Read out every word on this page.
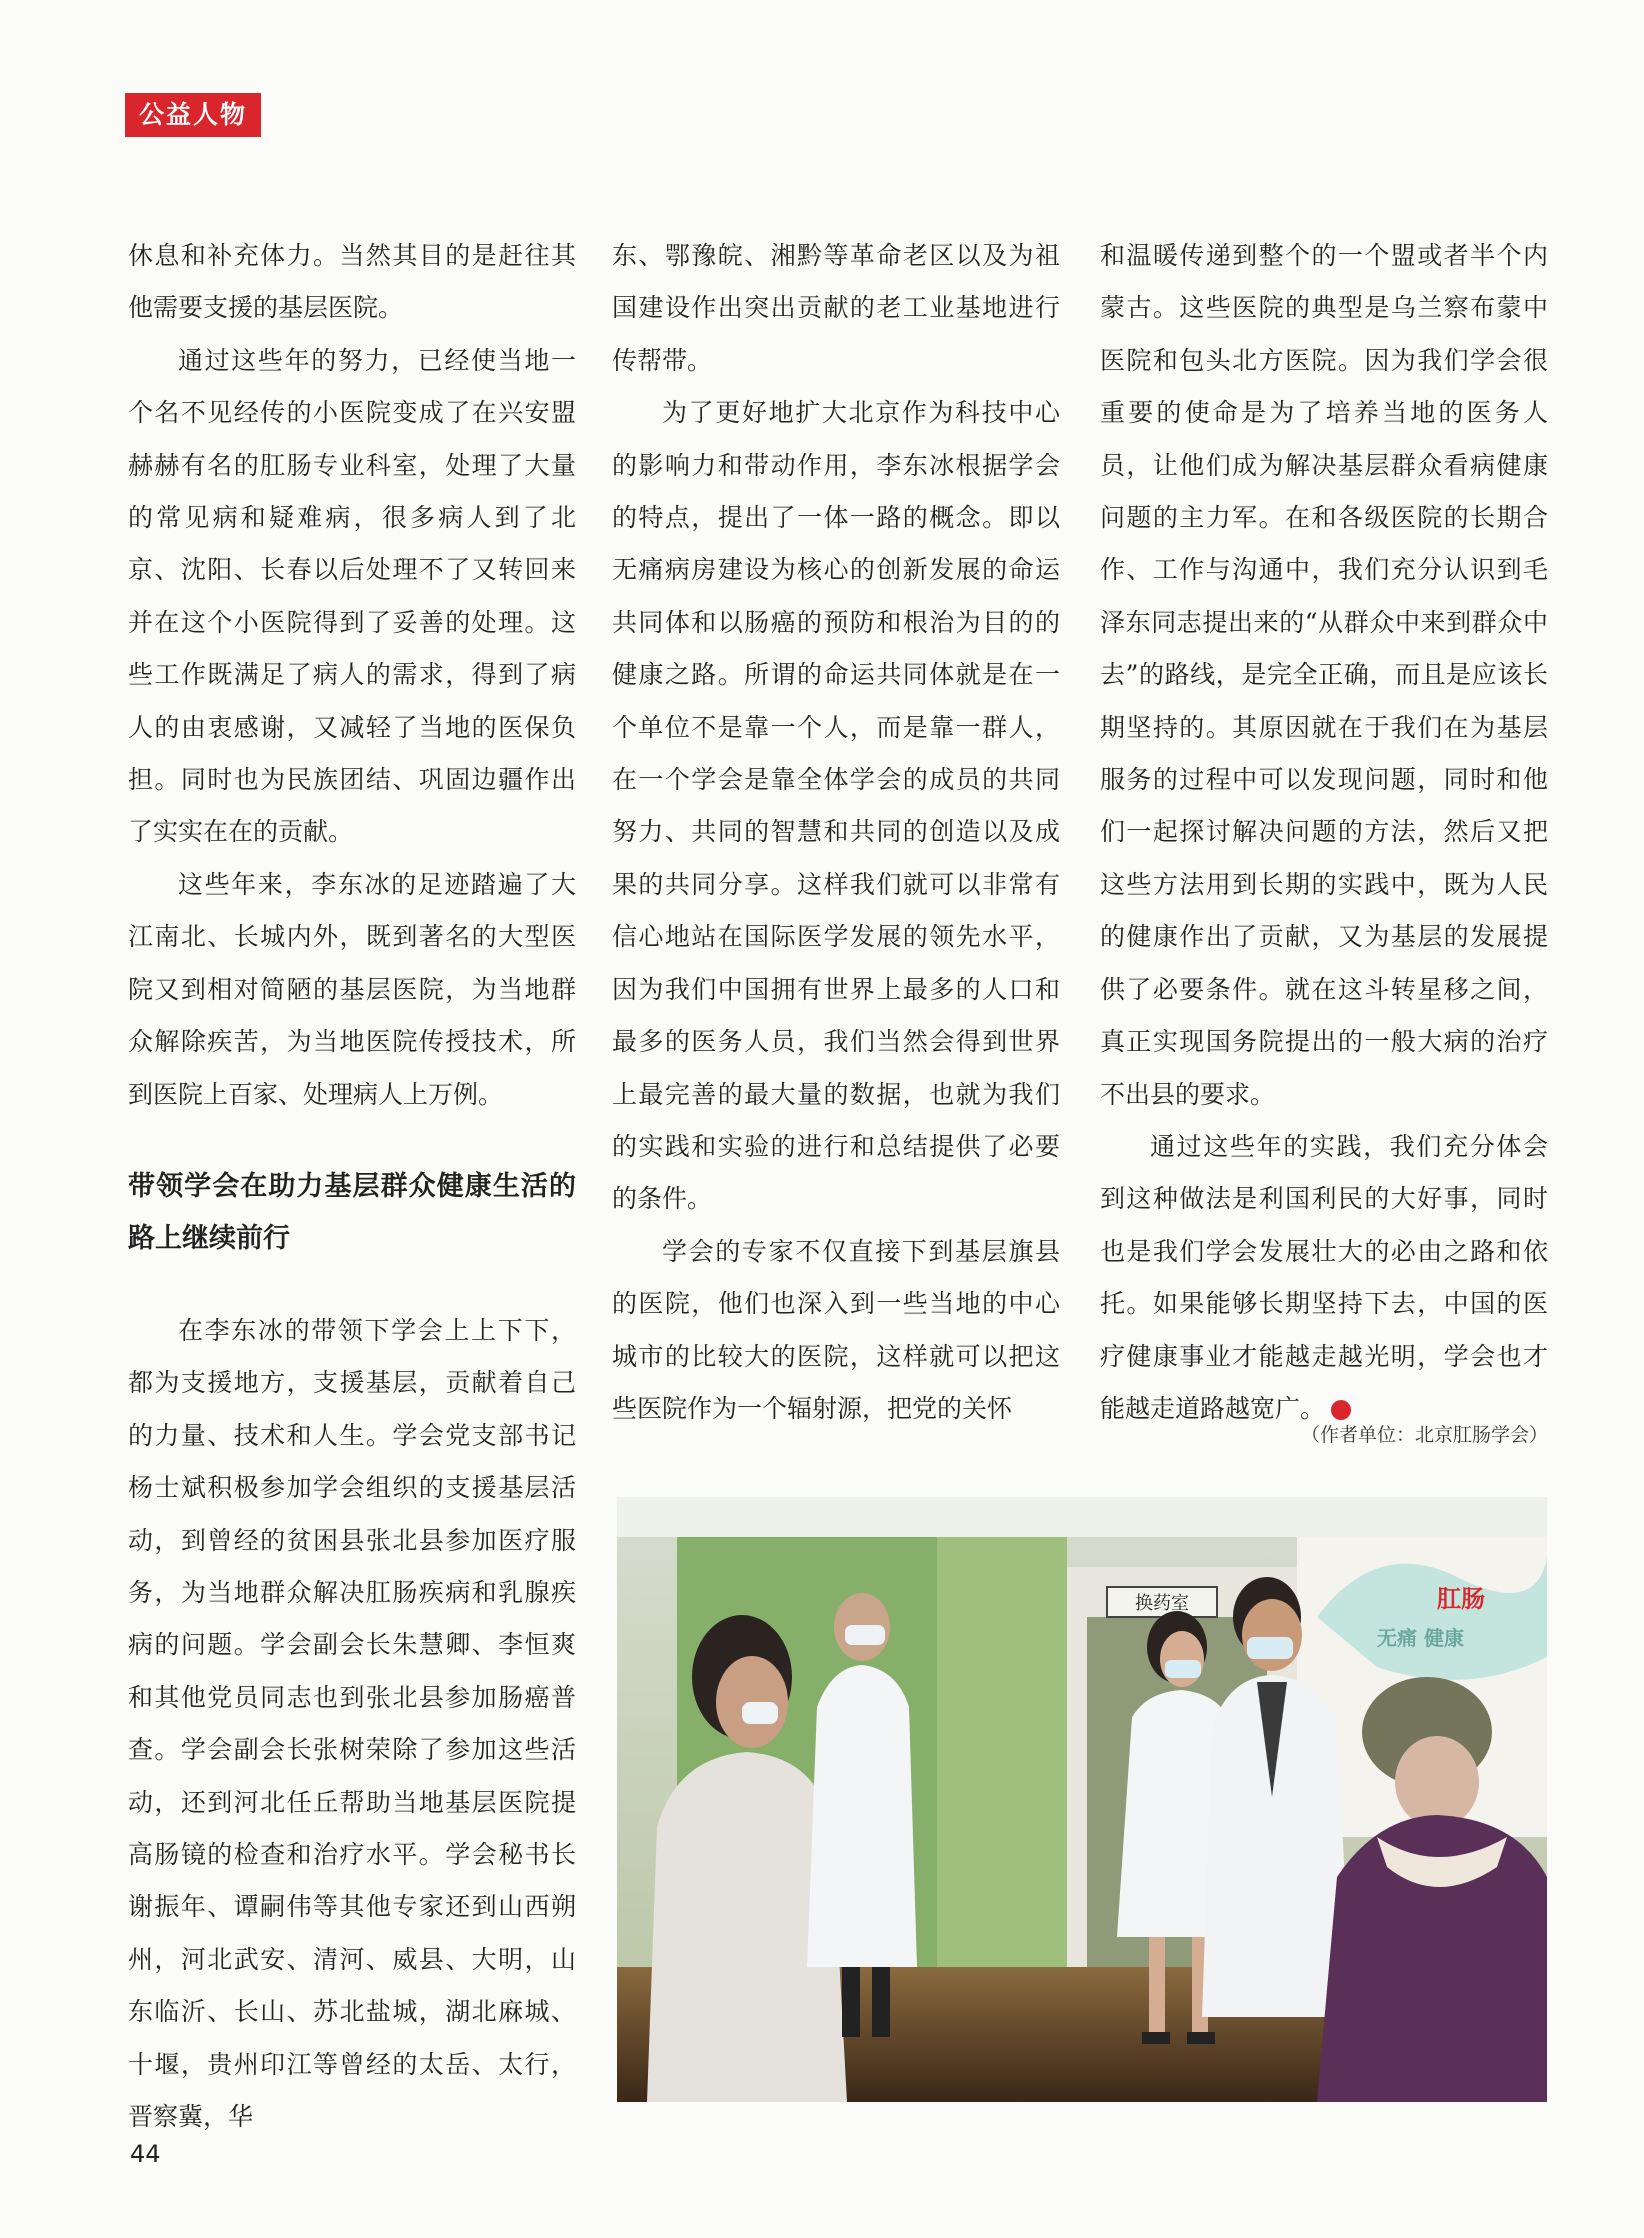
公益人物

休息和补充体力。当然其目的是赶往其他需要支援的基层医院。

通过这些年的努力，已经使当地一个名不见经传的小医院变成了在兴安盟赫赫有名的肛肠专业科室，处理了大量的常见病和疑难病，很多病人到了北京、沈阳、长春以后处理不了又转回来并在这个小医院得到了妥善的处理。这些工作既满足了病人的需求，得到了病人的由衷感谢，又减轻了当地的医保负担。同时也为民族团结、巩固边疆作出了实实在在的贡献。

这些年来，李东冰的足迹踏遍了大江南北、长城内外，既到著名的大型医院又到相对简陋的基层医院，为当地群众解除疾苦，为当地医院传授技术，所到医院上百家、处理病人上万例。

带领学会在助力基层群众健康生活的路上继续前行

在李东冰的带领下学会上上下下，都为支援地方，支援基层，贡献着自己的力量、技术和人生。学会党支部书记杨士斌积极参加学会组织的支援基层活动，到曾经的贫困县张北县参加医疗服务，为当地群众解决肛肠疾病和乳腺疾病的问题。学会副会长朱慧卿、李恒爽和其他党员同志也到张北县参加肠癌普查。学会副会长张树荣除了参加这些活动，还到河北任丘帮助当地基层医院提高肠镜的检查和治疗水平。学会秘书长谢振年、谭嗣伟等其他专家还到山西朔州，河北武安、清河、威县、大明，山东临沂、长山、苏北盐城，湖北麻城、十堰，贵州印江等曾经的太岳、太行，晋察冀，华

东、鄂豫皖、湘黔等革命老区以及为祖国建设作出突出贡献的老工业基地进行传帮带。

为了更好地扩大北京作为科技中心的影响力和带动作用，李东冰根据学会的特点，提出了一体一路的概念。即以无痛病房建设为核心的创新发展的命运共同体和以肠癌的预防和根治为目的的健康之路。所谓的命运共同体就是在一个单位不是靠一个人，而是靠一群人，在一个学会是靠全体学会的成员的共同努力、共同的智慧和共同的创造以及成果的共同分享。这样我们就可以非常有信心地站在国际医学发展的领先水平，因为我们中国拥有世界上最多的人口和最多的医务人员，我们当然会得到世界上最完善的最大量的数据，也就为我们的实践和实验的进行和总结提供了必要的条件。

学会的专家不仅直接下到基层旗县的医院，他们也深入到一些当地的中心城市的比较大的医院，这样就可以把这些医院作为一个辐射源，把党的关怀

和温暖传递到整个的一个盟或者半个内蒙古。这些医院的典型是乌兰察布蒙中医院和包头北方医院。因为我们学会很重要的使命是为了培养当地的医务人员，让他们成为解决基层群众看病健康问题的主力军。在和各级医院的长期合作、工作与沟通中，我们充分认识到毛泽东同志提出来的“从群众中来到群众中去”的路线，是完全正确，而且是应该长期坚持的。其原因就在于我们在为基层服务的过程中可以发现问题，同时和他们一起探讨解决问题的方法，然后又把这些方法用到长期的实践中，既为人民的健康作出了贡献，又为基层的发展提供了必要条件。就在这斗转星移之间，真正实现国务院提出的一般大病的治疗不出县的要求。

通过这些年的实践，我们充分体会到这种做法是利国利民的大好事，同时也是我们学会发展壮大的必由之路和依托。如果能够长期坚持下去，中国的医疗健康事业才能越走越光明，学会也才能越走道路越宽广。

（作者单位：北京肛肠学会）
换药室	肛肠
无痛 健康
44
